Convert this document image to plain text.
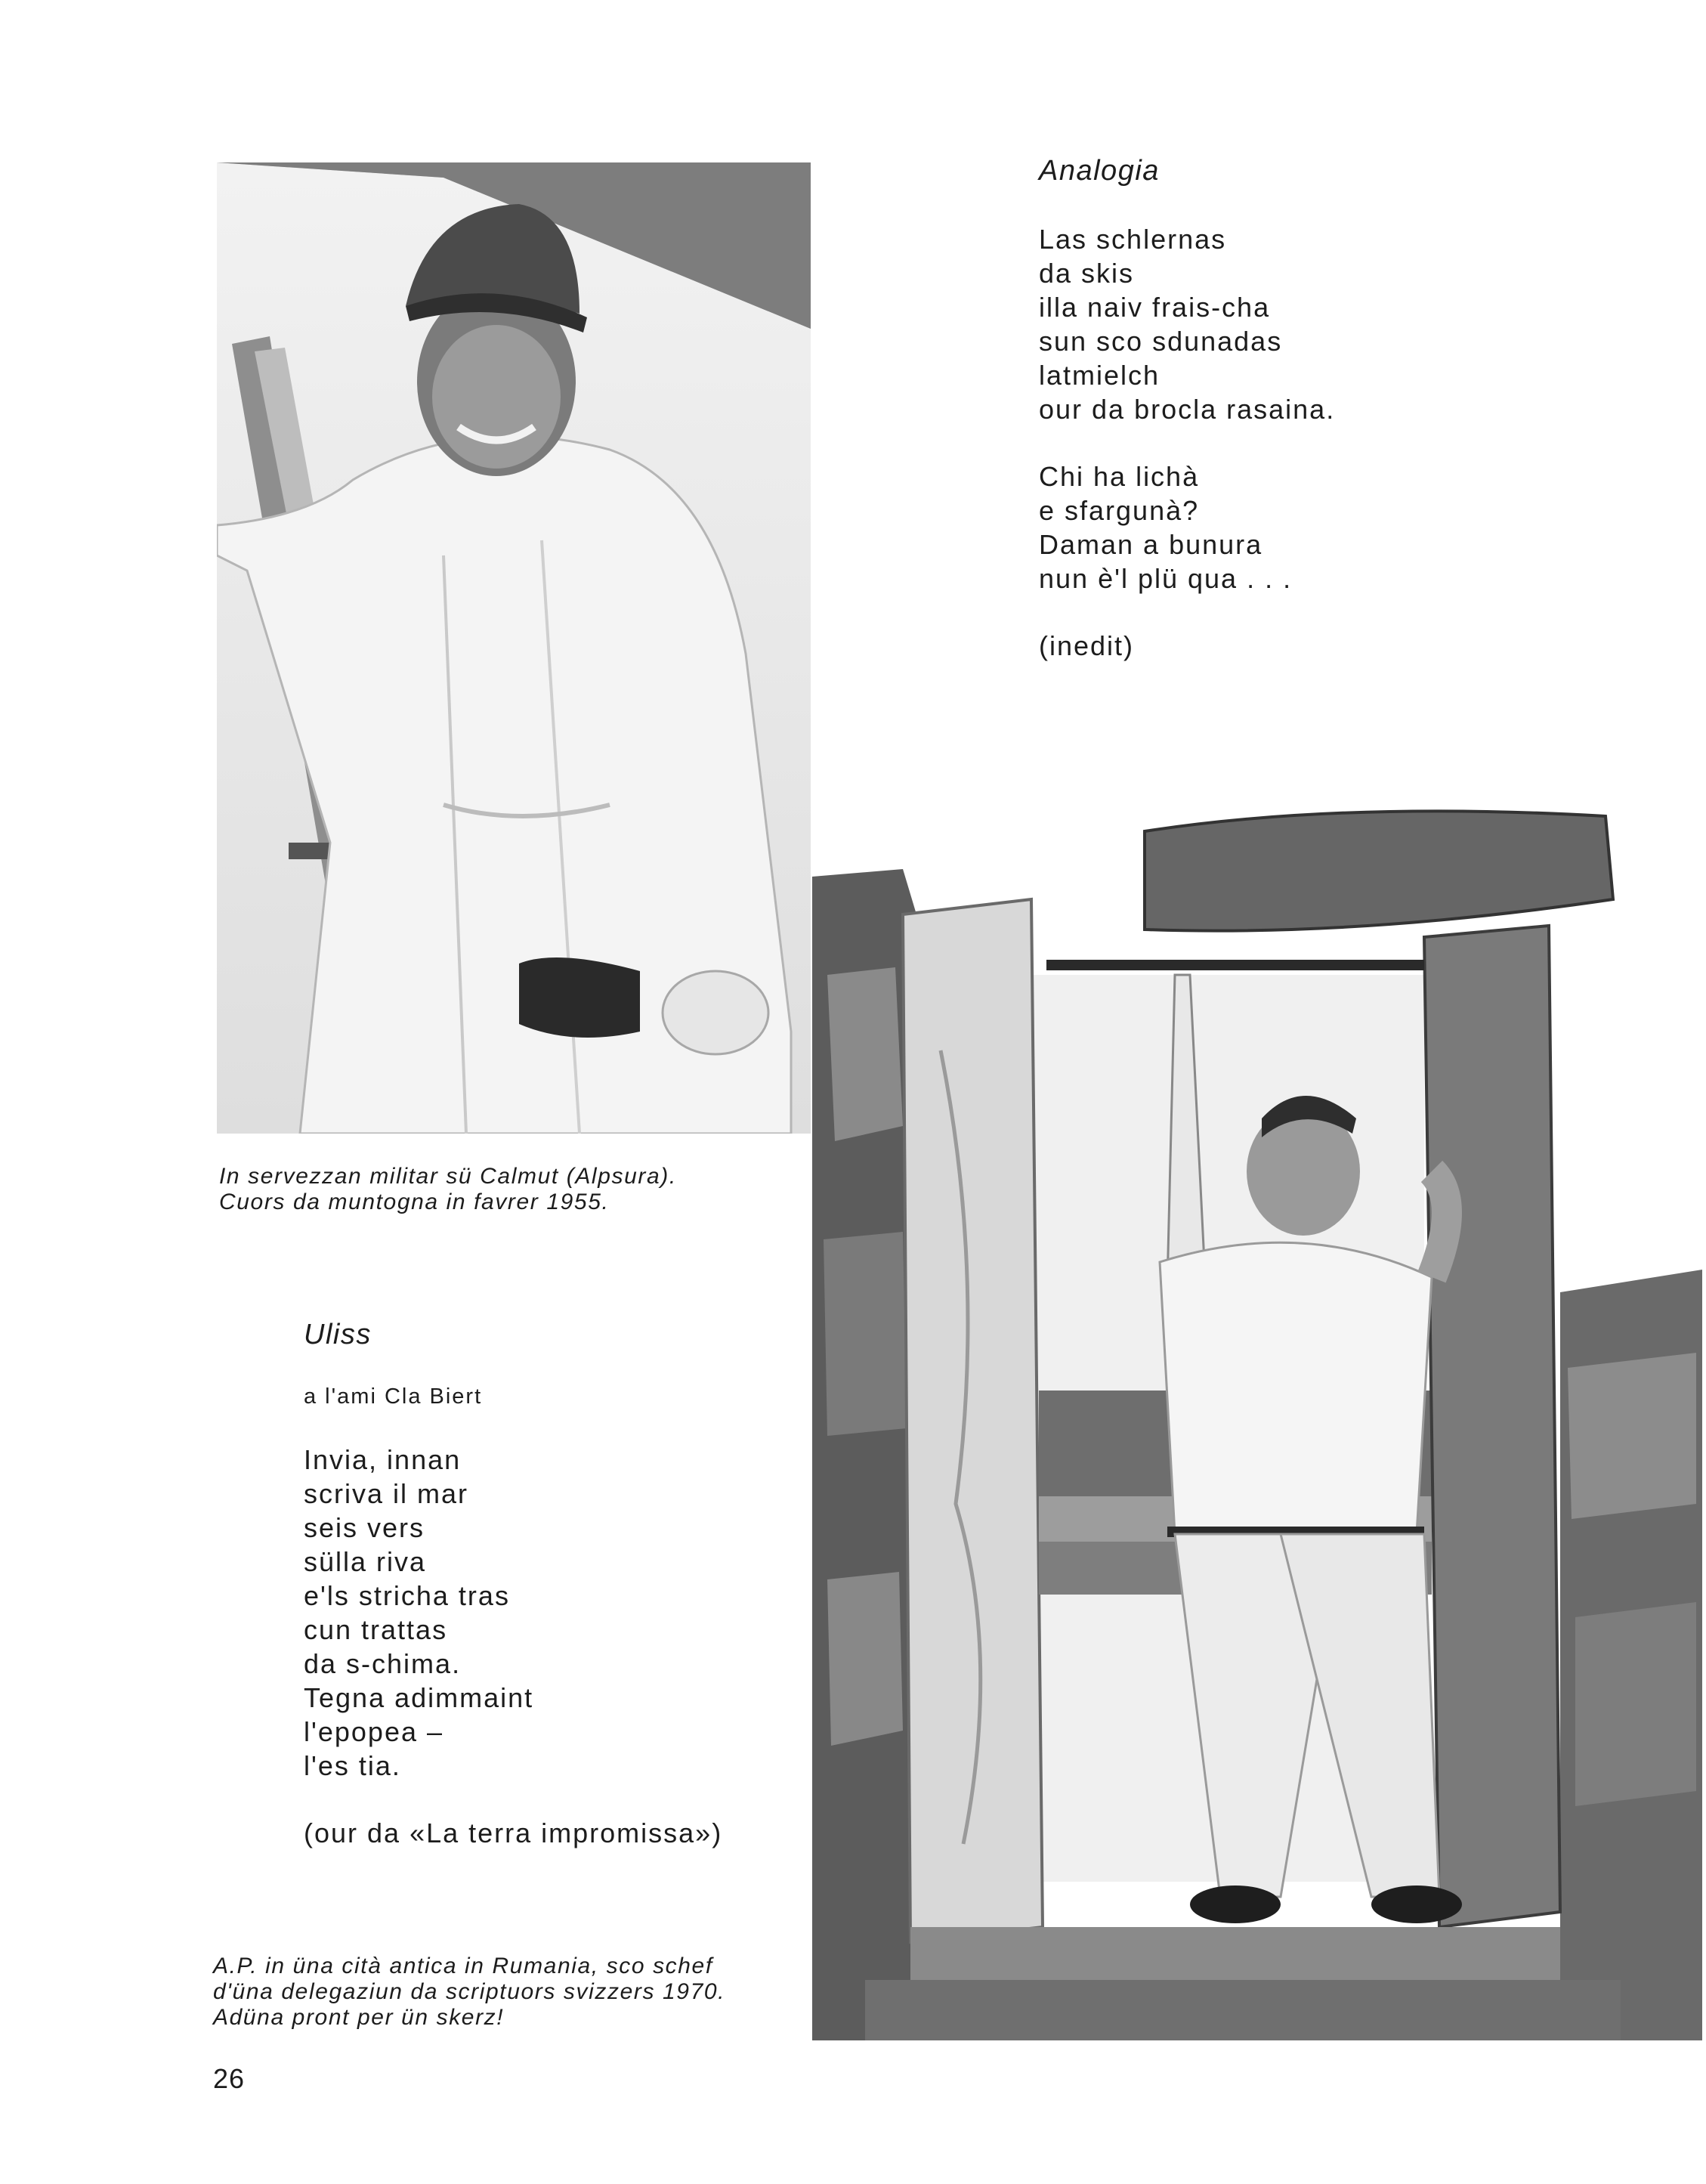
Analogia

Las schlernas

da skis

illa naiv frais-cha

sun sco sdunadas

latmielch

our da brocla rasaina.

Chi ha lichà

e sfargunà?

Daman a bunura

nun è'l plü qua . . .

(inedit)

In servezzan militar sü Calmut (Alpsura).

Cuors da muntogna in favrer 1955.

Uliss

a l'ami Cla Biert

Invia, innan

scriva il mar

seis vers

sülla riva

e'ls stricha tras

cun trattas

da s-chima.

Tegna adimmaint

l'epopea –

l'es tia.

(our da «La terra impromissa»)

A.P. in üna cità antica in Rumania, sco schef

d'üna delegaziun da scriptuors svizzers 1970.

Adüna pront per ün skerz!

26
